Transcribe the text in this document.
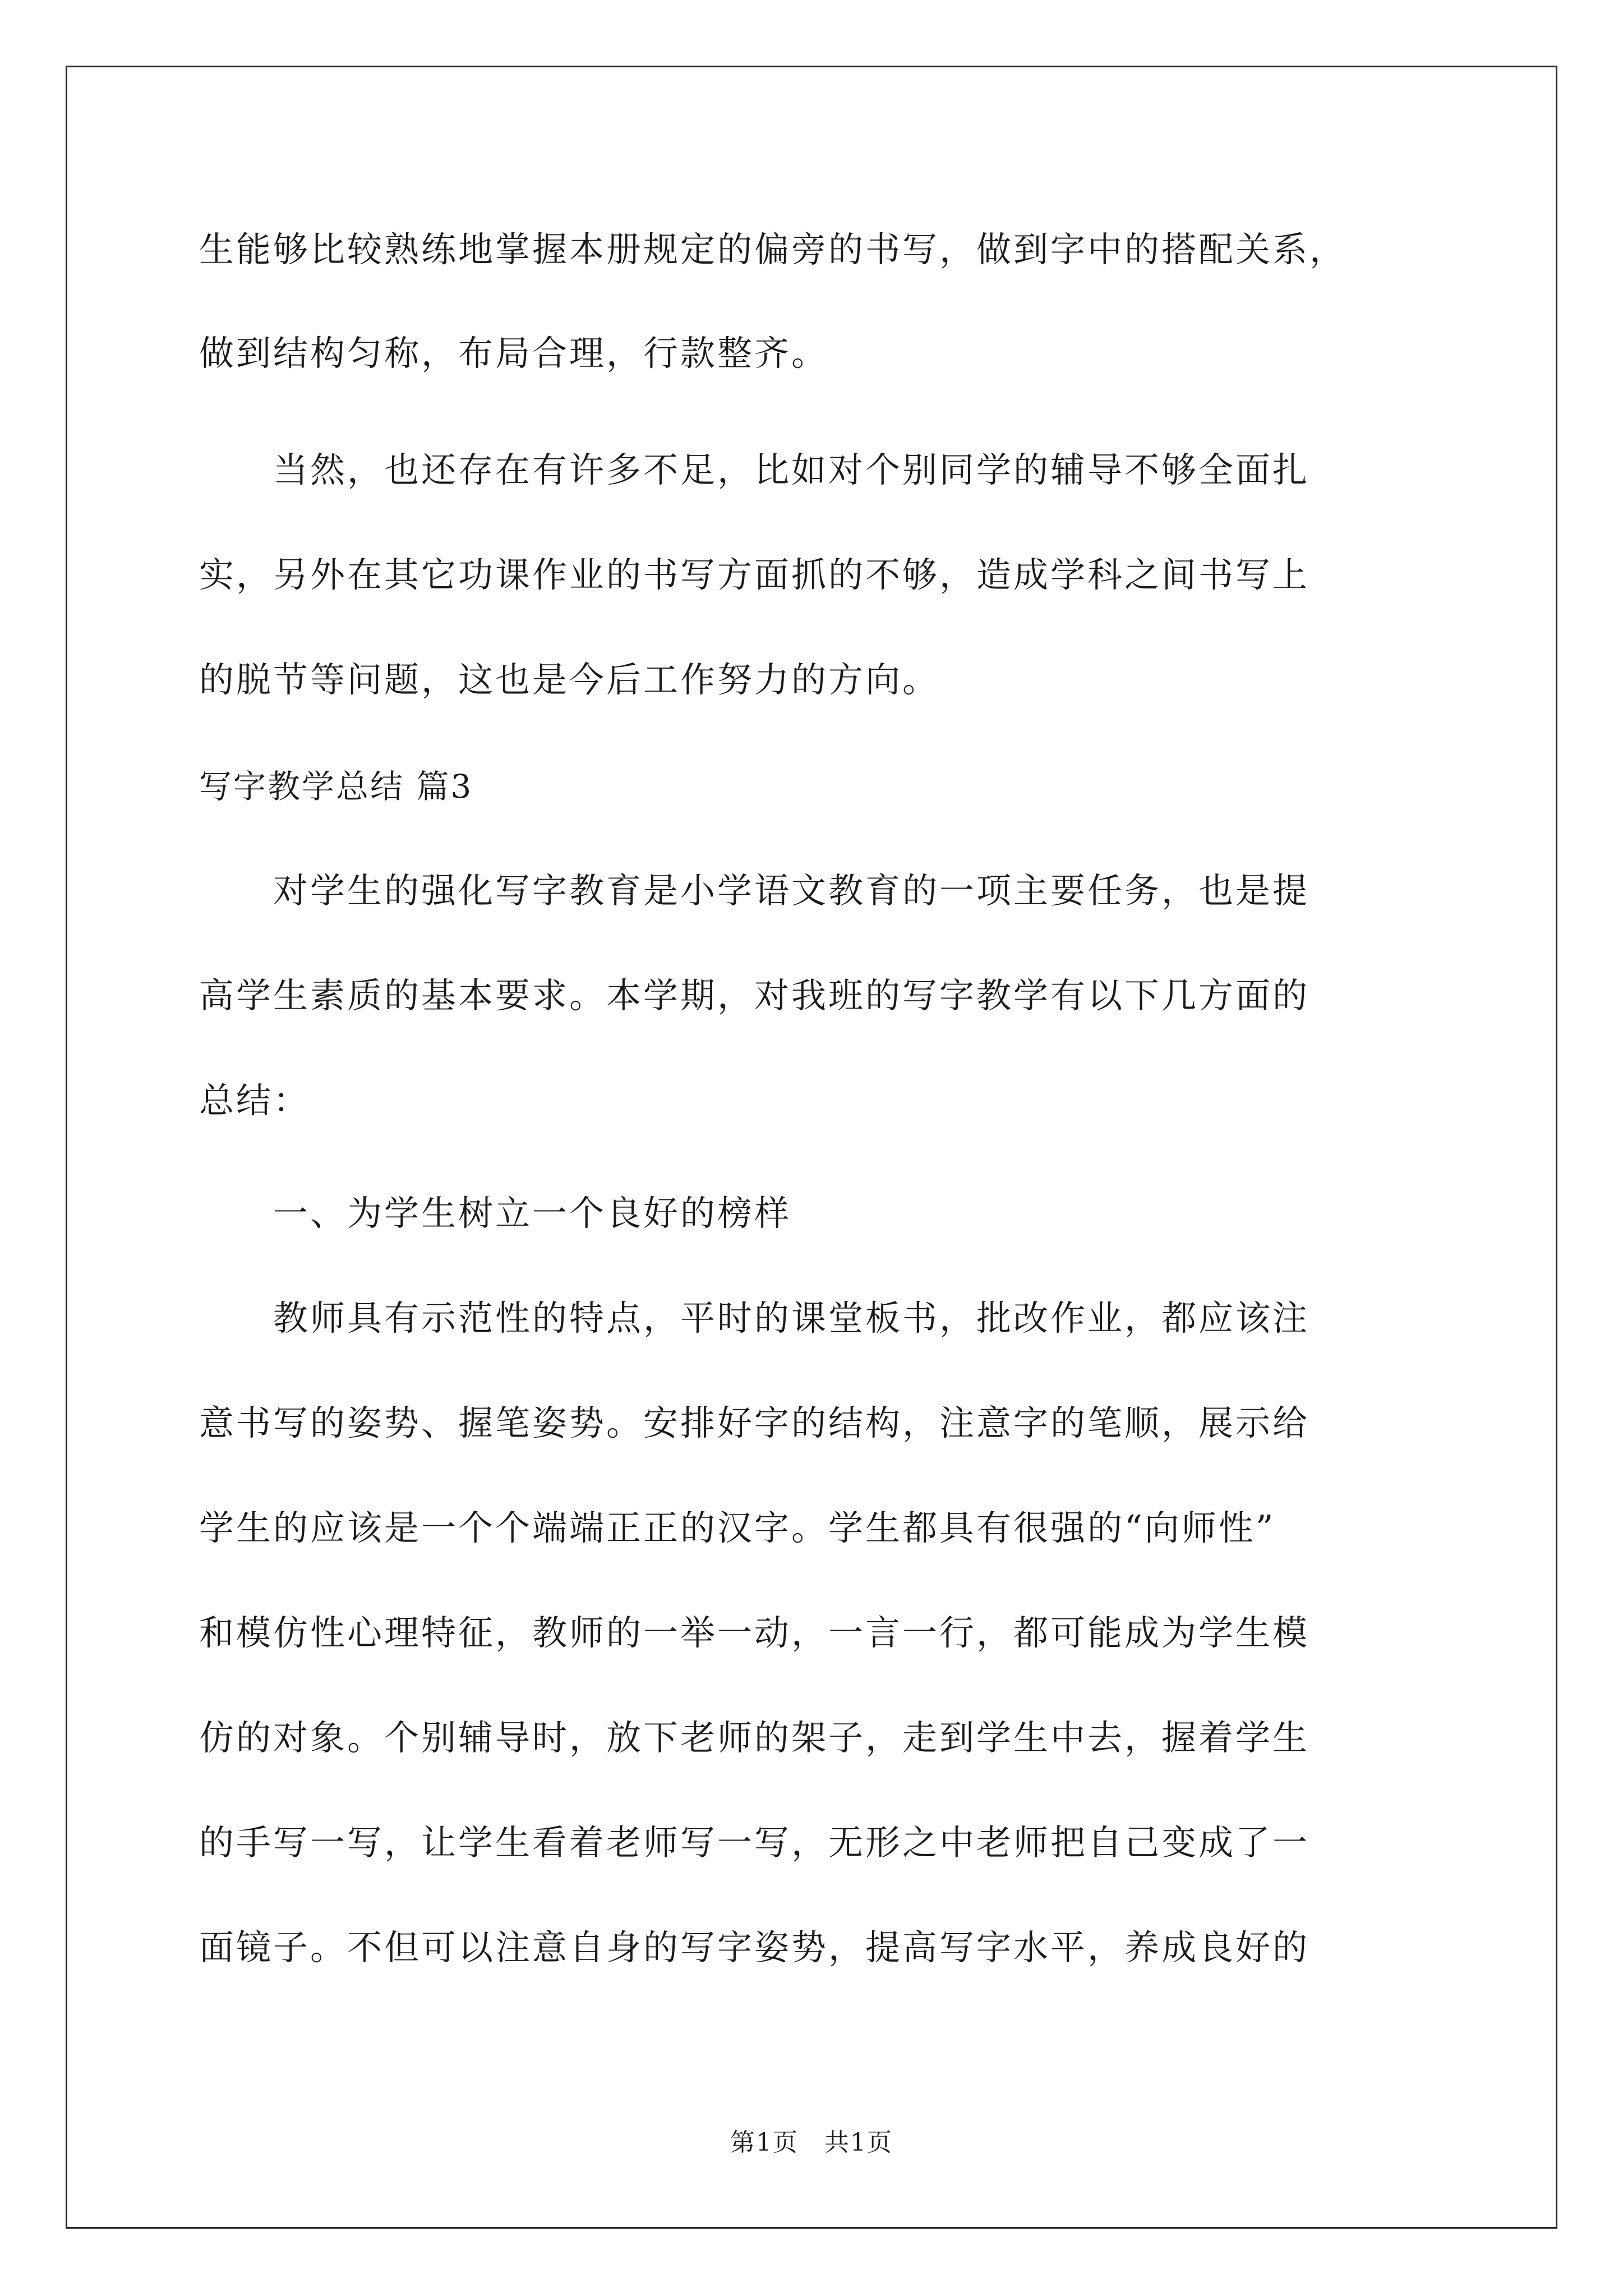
生能够比较熟练地掌握本册规定的偏旁的书写，做到字中的搭配关系，
做到结构匀称，布局合理，行款整齐。
　　当然，也还存在有许多不足，比如对个别同学的辅导不够全面扎
实，另外在其它功课作业的书写方面抓的不够，造成学科之间书写上
的脱节等问题，这也是今后工作努力的方向。
写字教学总结 篇3
　　对学生的强化写字教育是小学语文教育的一项主要任务，也是提
高学生素质的基本要求。本学期，对我班的写字教学有以下几方面的
总结：
　　一、为学生树立一个良好的榜样
　　教师具有示范性的特点，平时的课堂板书，批改作业，都应该注
意书写的姿势、握笔姿势。安排好字的结构，注意字的笔顺，展示给
学生的应该是一个个端端正正的汉字。学生都具有很强的“向师性”
和模仿性心理特征，教师的一举一动，一言一行，都可能成为学生模
仿的对象。个别辅导时，放下老师的架子，走到学生中去，握着学生
的手写一写，让学生看着老师写一写，无形之中老师把自己变成了一
面镜子。不但可以注意自身的写字姿势，提高写字水平，养成良好的
第1页　共1页
